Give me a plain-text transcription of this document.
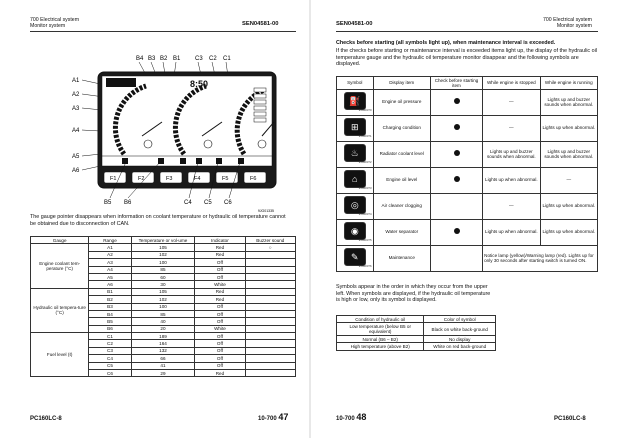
700 Electrical system
Monitor system	SEN04581-00
B4 B3 B2 B1 C3 C2 C1
A1
A2
A3
A4
A5
A6
8:50
F1	F2	F3	F4	F5	F6
B5 B6	C4 C5 C6
9JG01335
The gauge pointer disappears when information on coolant temperature or hydraulic oil temperature cannot be obtained due to disconnection of CAN.
Gauge	Range	Temperature or vol-ume	Indicator	Buzzer sound
Engine coolant tem-perature (°C)	A1	105	Red	○
	A2	102	Red	
	A3	100	Off	
	A4	85	Off	
	A5	60	Off	
	A6	30	White	
Hydraulic oil tempera-ture (°C)	B1	105	Red	
	B2	102	Red	
	B3	100	Off	
	B4	85	Off	
	B5	40	Off	
	B6	20	White	
Fuel level (ℓ)	C1	189	Off	
	C2	164	Off	
	C3	132	Off	
	C4	66	Off	
	C5	41	Off	
	C6	29	Red	
PC160LC-8	10-700 47
SEN04581-00
700 Electrical system
Monitor system
Checks before starting (all symbols light up), when maintenance interval is exceeded.
If the checks before starting or maintenance interval is exceeded items light up, the display of the hydraulic oil temperature gauge and the hydraulic oil temperature monitor disappear and the following symbols are displayed.
Symbol	Display item	Check before starting item	While engine is stopped	While engine is running

⛽
9JG00370	Engine oil pressure		—	Lights up and buzzer sounds when abnormal.

⊞
9JG00371	Charging condition		—	Lights up when abnormal.

♨
9JG00372	Radiator coolant level		Lights up and buzzer sounds when abnormal.	Lights up and buzzer sounds when abnormal.

⌂
9JG00373	Engine oil level		Lights up when abnormal.	—

◎
9JG00374	Air cleaner clogging		—	Lights up when abnormal.

◉
9JG00375	Water separator		Lights up when abnormal.	Lights up when abnormal.

✎
9JG00376	Maintenance		Notice lamp (yellow)/Warning lamp (red). Lights up for only 30 seconds after starting switch is turned ON.	
Symbols appear in the order in which they occur from the upper left. When symbols are displayed, if the hydraulic oil temperature is high or low, only its symbol is displayed.
Condition of hydraulic oil	Color of symbol
Low temperature (below B5 or equivalent)	Black on white back-ground
Normal (B6 – B2)	No display
High temperature (above B2)	White on red back-ground
10-700 48	PC160LC-8
